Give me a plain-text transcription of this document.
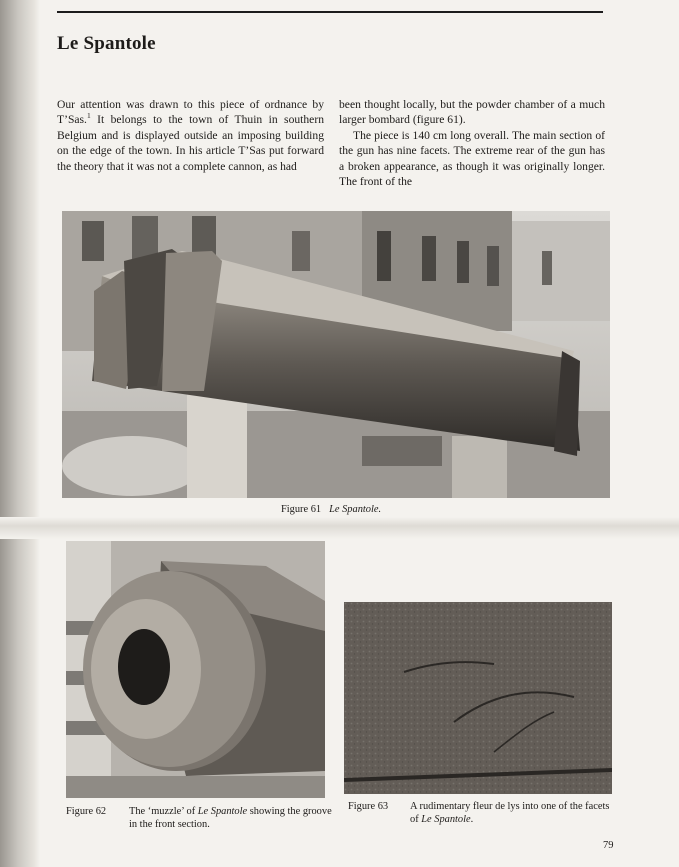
Le Spantole

Our attention was drawn to this piece of ordnance by T’Sas.$^1$ It belongs to the town of Thuin in southern Belgium and is displayed outside an imposing building on the edge of the town. In his article T’Sas put forward the theory that it was not a complete cannon, as had

been thought locally, but the powder chamber of a much larger bombard (figure 61).

The piece is 140 cm long overall. The main section of the gun has nine facets. The extreme rear of the gun has a broken appearance, as though it was originally longer. The front of the

Figure 61 Le Spantole.

Figure 62 The ‘muzzle’ of Le Spantole showing the groove in the front section.

Figure 63 A rudimentary fleur de lys into one of the facets of Le Spantole.

79
